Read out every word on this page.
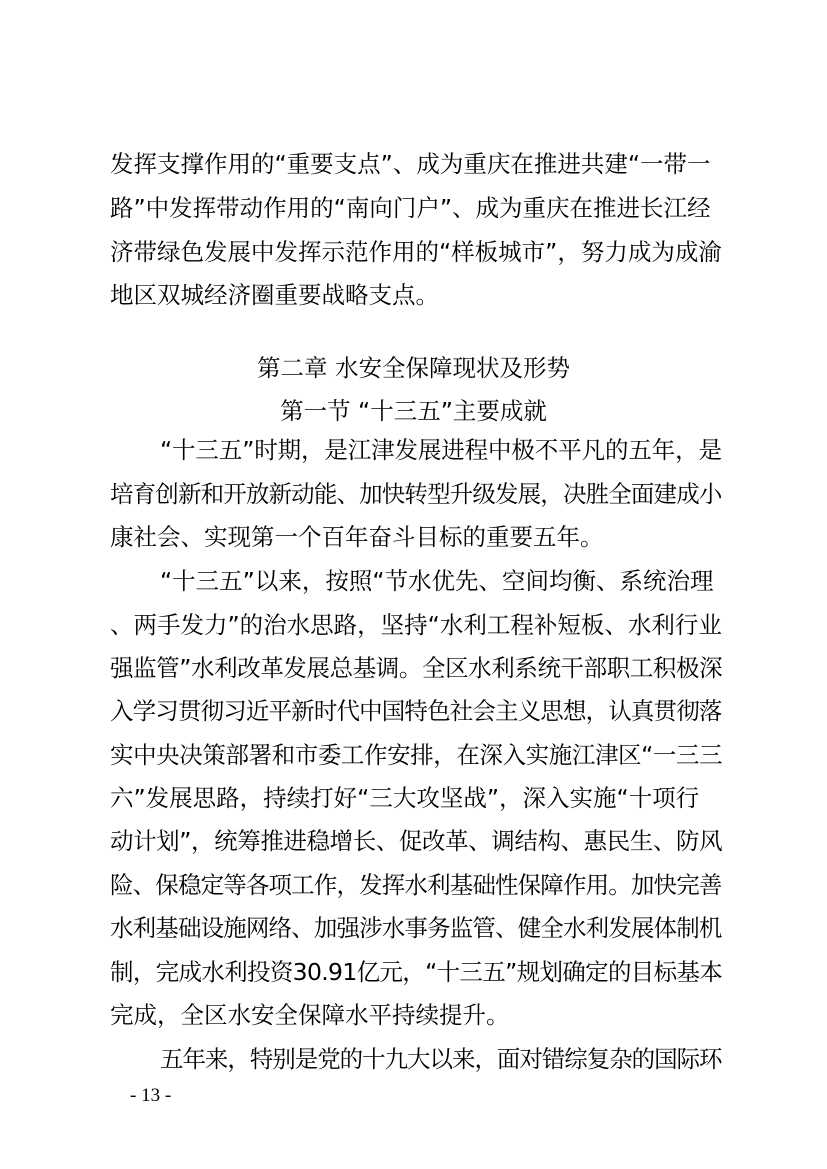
发挥支撑作用的“重要支点”、成为重庆在推进共建“一带一
路”中发挥带动作用的“南向门户”、成为重庆在推进长江经
济带绿色发展中发挥示范作用的“样板城市”，努力成为成渝
地区双城经济圈重要战略支点。
第二章 水安全保障现状及形势
第一节 “十三五”主要成就
“十三五”时期，是江津发展进程中极不平凡的五年，是
培育创新和开放新动能、加快转型升级发展，决胜全面建成小
康社会、实现第一个百年奋斗目标的重要五年。
“十三五”以来，按照“节水优先、空间均衡、系统治理
、两手发力”的治水思路，坚持“水利工程补短板、水利行业
强监管”水利改革发展总基调。全区水利系统干部职工积极深
入学习贯彻习近平新时代中国特色社会主义思想，认真贯彻落
实中央决策部署和市委工作安排，在深入实施江津区“一三三
六”发展思路，持续打好“三大攻坚战”，深入实施“十项行
动计划”，统筹推进稳增长、促改革、调结构、惠民生、防风
险、保稳定等各项工作，发挥水利基础性保障作用。加快完善
水利基础设施网络、加强涉水事务监管、健全水利发展体制机
制，完成水利投资30.91亿元，“十三五”规划确定的目标基本
完成，全区水安全保障水平持续提升。
五年来，特别是党的十九大以来，面对错综复杂的国际环
- 13 -
